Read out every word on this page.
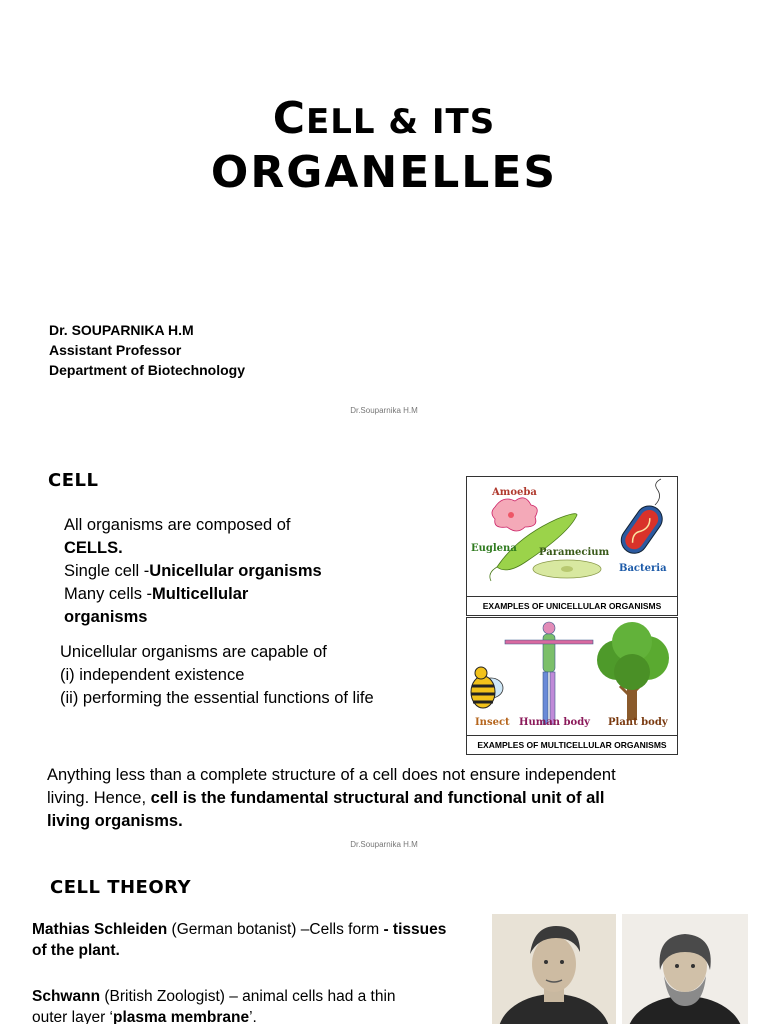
CELL & ITS
ORGANELLES
Dr. SOUPARNIKA H.M
Assistant Professor
Department of Biotechnology
Dr.Souparnika H.M
CELL
All organisms are composed of
CELLS.
Single cell -Unicellular organisms
Many cells -Multicellular
organisms
Unicellular organisms are capable of
(i) independent existence
(ii) performing the essential functions of life
Anything less than a complete structure of a cell does not ensure independent
living. Hence, cell is the fundamental structural and functional unit of all
living organisms.
Amoeba
Euglena Paramecium
Bacteria
EXAMPLES OF UNICELLULAR ORGANISMS
Insect Human body Plant body
EXAMPLES OF MULTICELLULAR ORGANISMS
Dr.Souparnika H.M
CELL THEORY
Mathias Schleiden (German botanist) –Cells form - tissues of the plant.
Schwann (British Zoologist) – animal cells had a thin
outer layer ‘plasma membrane’.
